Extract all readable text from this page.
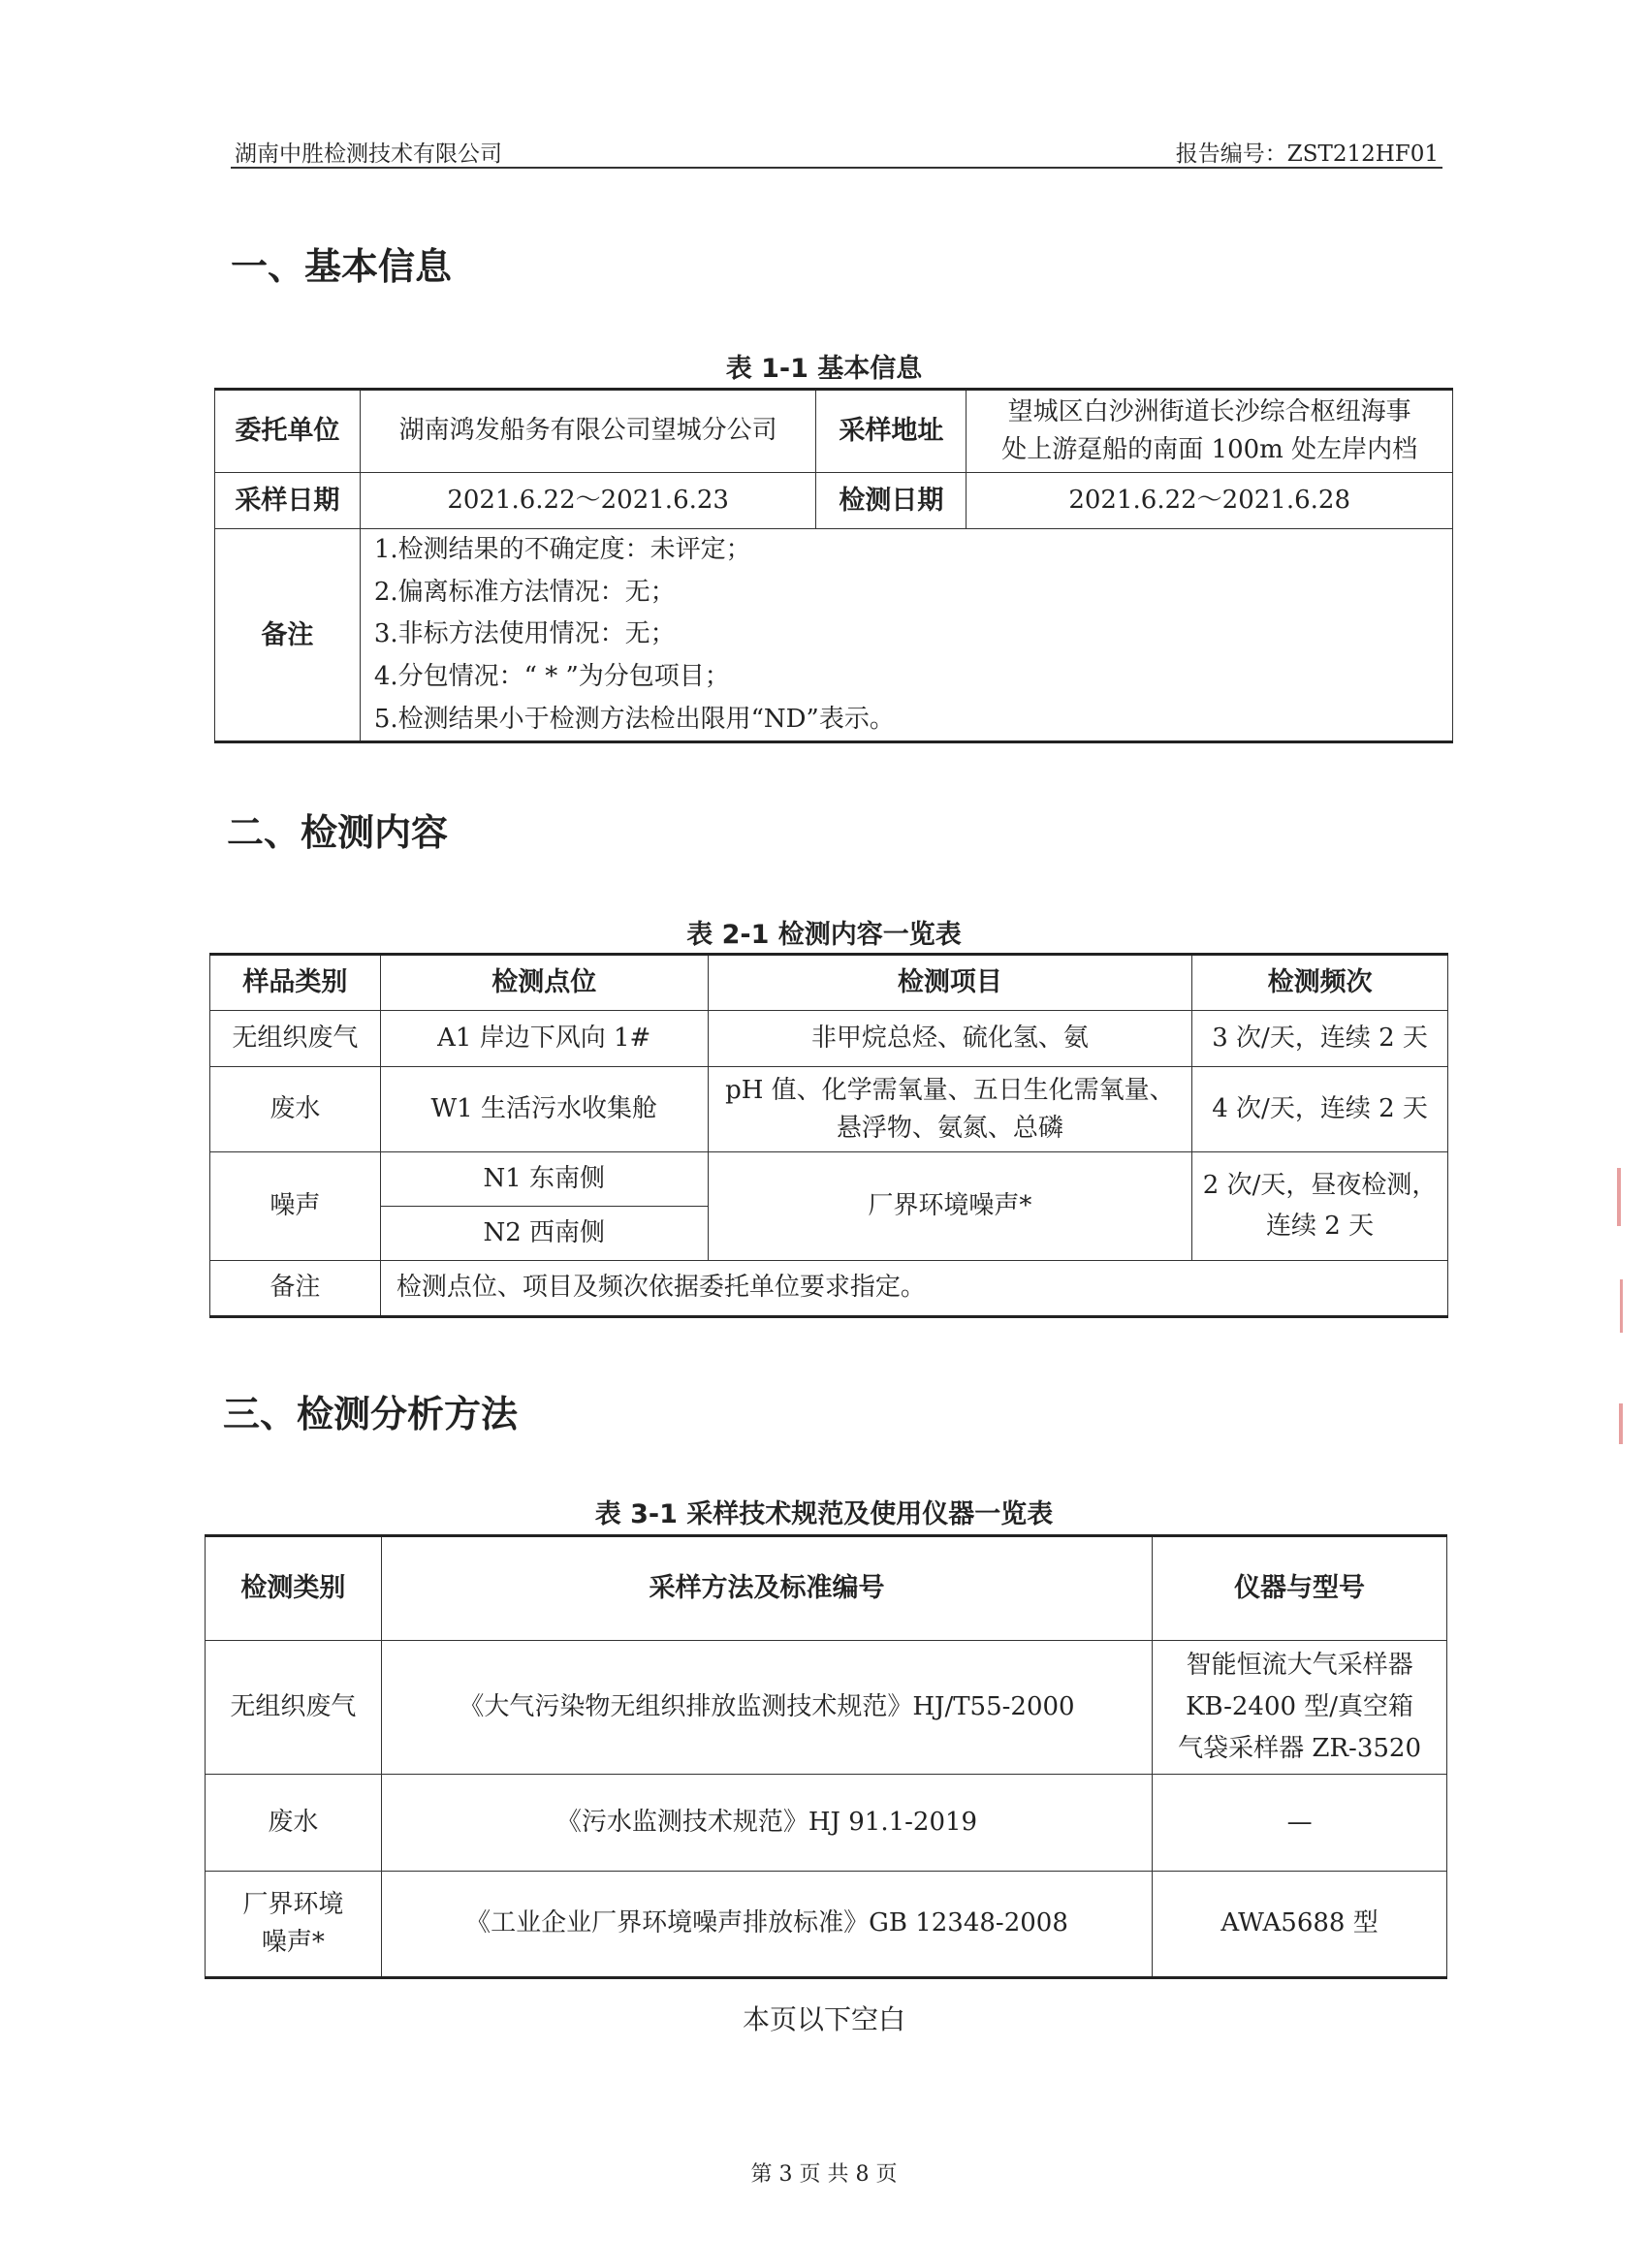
湖南中胜检测技术有限公司	报告编号：ZST212HF01
一、基本信息
表 1-1 基本信息
委托单位	湖南鸿发船务有限公司望城分公司	采样地址	望城区白沙洲街道长沙综合枢纽海事
处上游趸船的南面 100m 处左岸内档

采样日期	2021.6.22～2021.6.23	检测日期	2021.6.22～2021.6.28
备注	1.检测结果的不确定度：未评定；
2.偏离标准方法情况：无；
3.非标方法使用情况：无；
4.分包情况：“ * ”为分包项目；
5.检测结果小于检测方法检出限用“ND”表示。		
二、检测内容
表 2-1 检测内容一览表
样品类别	检测点位	检测项目	检测频次
无组织废气	A1 岸边下风向 1#	非甲烷总烃、硫化氢、氨	3 次/天，连续 2 天
废水	W1 生活污水收集舱	pH 值、化学需氧量、五日生化需氧量、
悬浮物、氨氮、总磷	4 次/天，连续 2 天
噪声	N1 东南侧	厂界环境噪声*	2 次/天，昼夜检测，
连续 2 天

	N2 西南侧		
备注	检测点位、项目及频次依据委托单位要求指定。		
三、检测分析方法
表 3-1 采样技术规范及使用仪器一览表
检测类别	采样方法及标准编号	仪器与型号
无组织废气	《大气污染物无组织排放监测技术规范》HJ/T55-2000	智能恒流大气采样器
KB-2400 型/真空箱
气袋采样器 ZR-3520

废水	《污水监测技术规范》HJ 91.1-2019	—

厂界环境
噪声*	《工业企业厂界环境噪声排放标准》GB 12348-2008	AWA5688 型
本页以下空白
第 3 页 共 8 页
